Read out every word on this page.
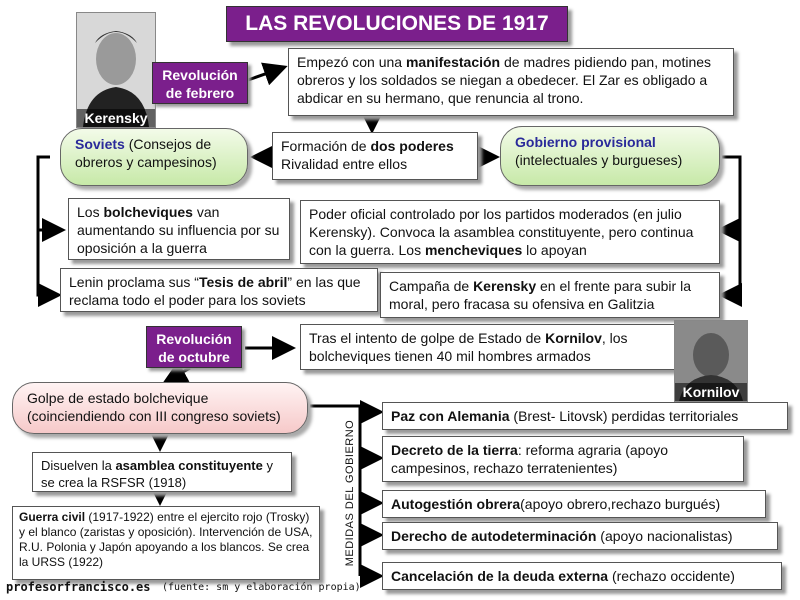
LAS REVOLUCIONES DE 1917
Kerensky
Revolución de febrero
Empezó con una manifestación de madres pidiendo pan, motines obreros y los soldados se niegan a obedecer. El Zar es obligado a abdicar en su hermano, que renuncia al trono.
Formación de dos poderes
Rivalidad entre ellos
Soviets (Consejos de obreros y campesinos)
Gobierno provisional
(intelectuales y burgueses)
Los bolcheviques van aumentando su influencia por su oposición a la guerra
Poder oficial controlado por los partidos moderados (en julio Kerensky). Convoca la asamblea constituyente, pero continua con la guerra. Los mencheviques lo apoyan
Lenin proclama sus “Tesis de abril” en las que reclama todo el poder para los soviets
Campaña de Kerensky en el frente para subir la moral, pero fracasa su ofensiva en Galitzia
Revolución de octubre
Tras el intento de golpe de Estado de Kornilov, los bolcheviques tienen 40 mil hombres armados
Kornilov
Golpe de estado bolchevique (coinciendiendo con III congreso soviets)
Disuelven la asamblea constituyente y se crea la RSFSR (1918)
Guerra civil (1917-1922) entre el ejercito rojo (Trosky) y el blanco (zaristas y oposición). Intervención de USA, R.U. Polonia y Japón apoyando a los blancos. Se crea la URSS (1922)	MEDIDAS DEL GOBIERNO
Paz con Alemania (Brest- Litovsk) perdidas territoriales
Decreto de la tierra: reforma agraria (apoyo campesinos, rechazo terratenientes)
Autogestión obrera(apoyo obrero,rechazo burgués)
Derecho de autodeterminación (apoyo nacionalistas)
Cancelación de la deuda externa (rechazo occidente)
profesorfrancisco.es (fuente: sm y elaboración propia)
